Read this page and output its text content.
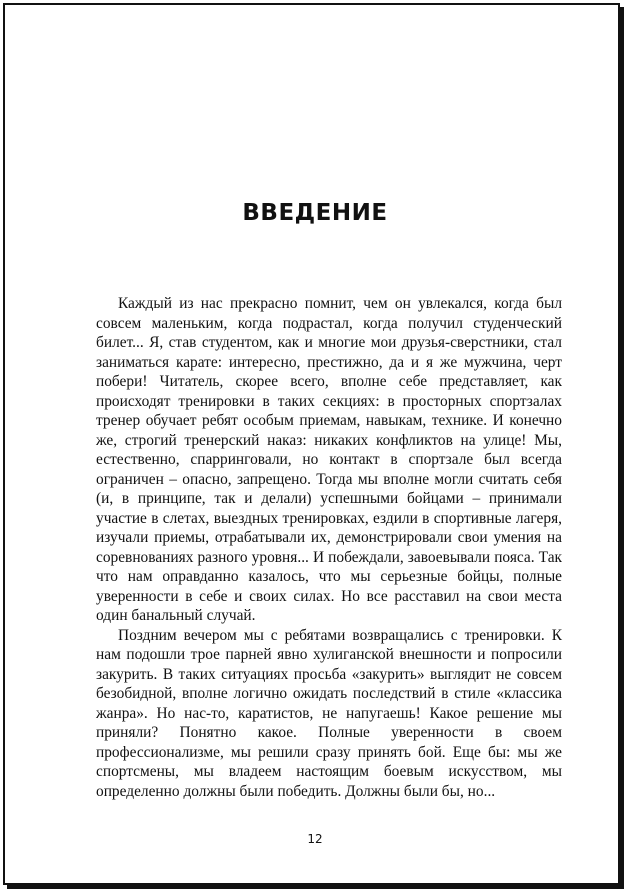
ВВЕДЕНИЕ

Каждый из нас прекрасно помнит, чем он увлекался, когда был совсем маленьким, когда подрастал, когда получил студенческий билет... Я, став студентом, как и многие мои друзья-сверстники, стал заниматься карате: интересно, престижно, да и я же мужчина, черт побери! Читатель, скорее всего, вполне себе представляет, как происходят тренировки в таких секциях: в просторных спортзалах тренер обучает ребят особым приемам, навыкам, технике. И конечно же, строгий тренерский наказ: никаких конфликтов на улице! Мы, естественно, спарринговали, но контакт в спортзале был всегда ограничен – опасно, запрещено. Тогда мы вполне могли считать себя (и, в принципе, так и делали) успешными бойцами – принимали участие в слетах, выездных тренировках, ездили в спортивные лагеря, изучали приемы, отрабатывали их, демонстрировали свои умения на соревнованиях разного уровня... И побеждали, завоевывали пояса. Так что нам оправданно казалось, что мы серьезные бойцы, полные уверенности в себе и своих силах. Но все расставил на свои места один банальный случай.

Поздним вечером мы с ребятами возвращались с тренировки. К нам подошли трое парней явно хулиганской внешности и попросили закурить. В таких ситуациях просьба «закурить» выглядит не совсем безобидной, вполне логично ожидать последствий в стиле «классика жанра». Но нас-то, каратистов, не напугаешь! Какое решение мы приняли? Понятно какое. Полные уверенности в своем профессионализме, мы решили сразу принять бой. Еще бы: мы же спортсмены, мы владеем настоящим боевым искусством, мы определенно должны были победить. Должны были бы, но...

12
